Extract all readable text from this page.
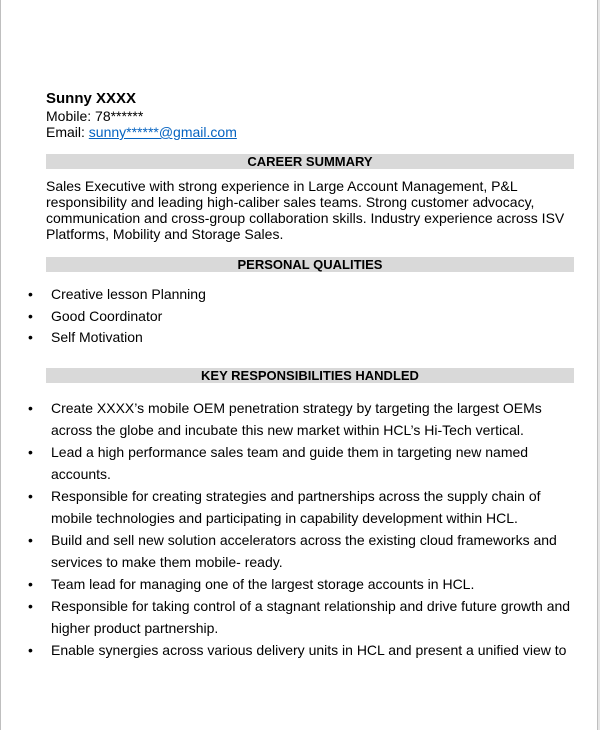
Sunny XXXX
Mobile: 78******
Email: sunny******@gmail.com
CAREER SUMMARY
Sales Executive with strong experience in Large Account Management, P&L responsibility and leading high-caliber sales teams. Strong customer advocacy, communication and cross-group collaboration skills. Industry experience across ISV Platforms, Mobility and Storage Sales.
PERSONAL QUALITIES
• Creative lesson Planning
• Good Coordinator
• Self Motivation
KEY RESPONSIBILITIES HANDLED
• Create XXXX’s mobile OEM penetration strategy by targeting the largest OEMs across the globe and incubate this new market within HCL’s Hi-Tech vertical.
• Lead a high performance sales team and guide them in targeting new named accounts.
• Responsible for creating strategies and partnerships across the supply chain of mobile technologies and participating in capability development within HCL.
• Build and sell new solution accelerators across the existing cloud frameworks and services to make them mobile- ready.
• Team lead for managing one of the largest storage accounts in HCL.
• Responsible for taking control of a stagnant relationship and drive future growth and higher product partnership.
• Enable synergies across various delivery units in HCL and present a unified view to
